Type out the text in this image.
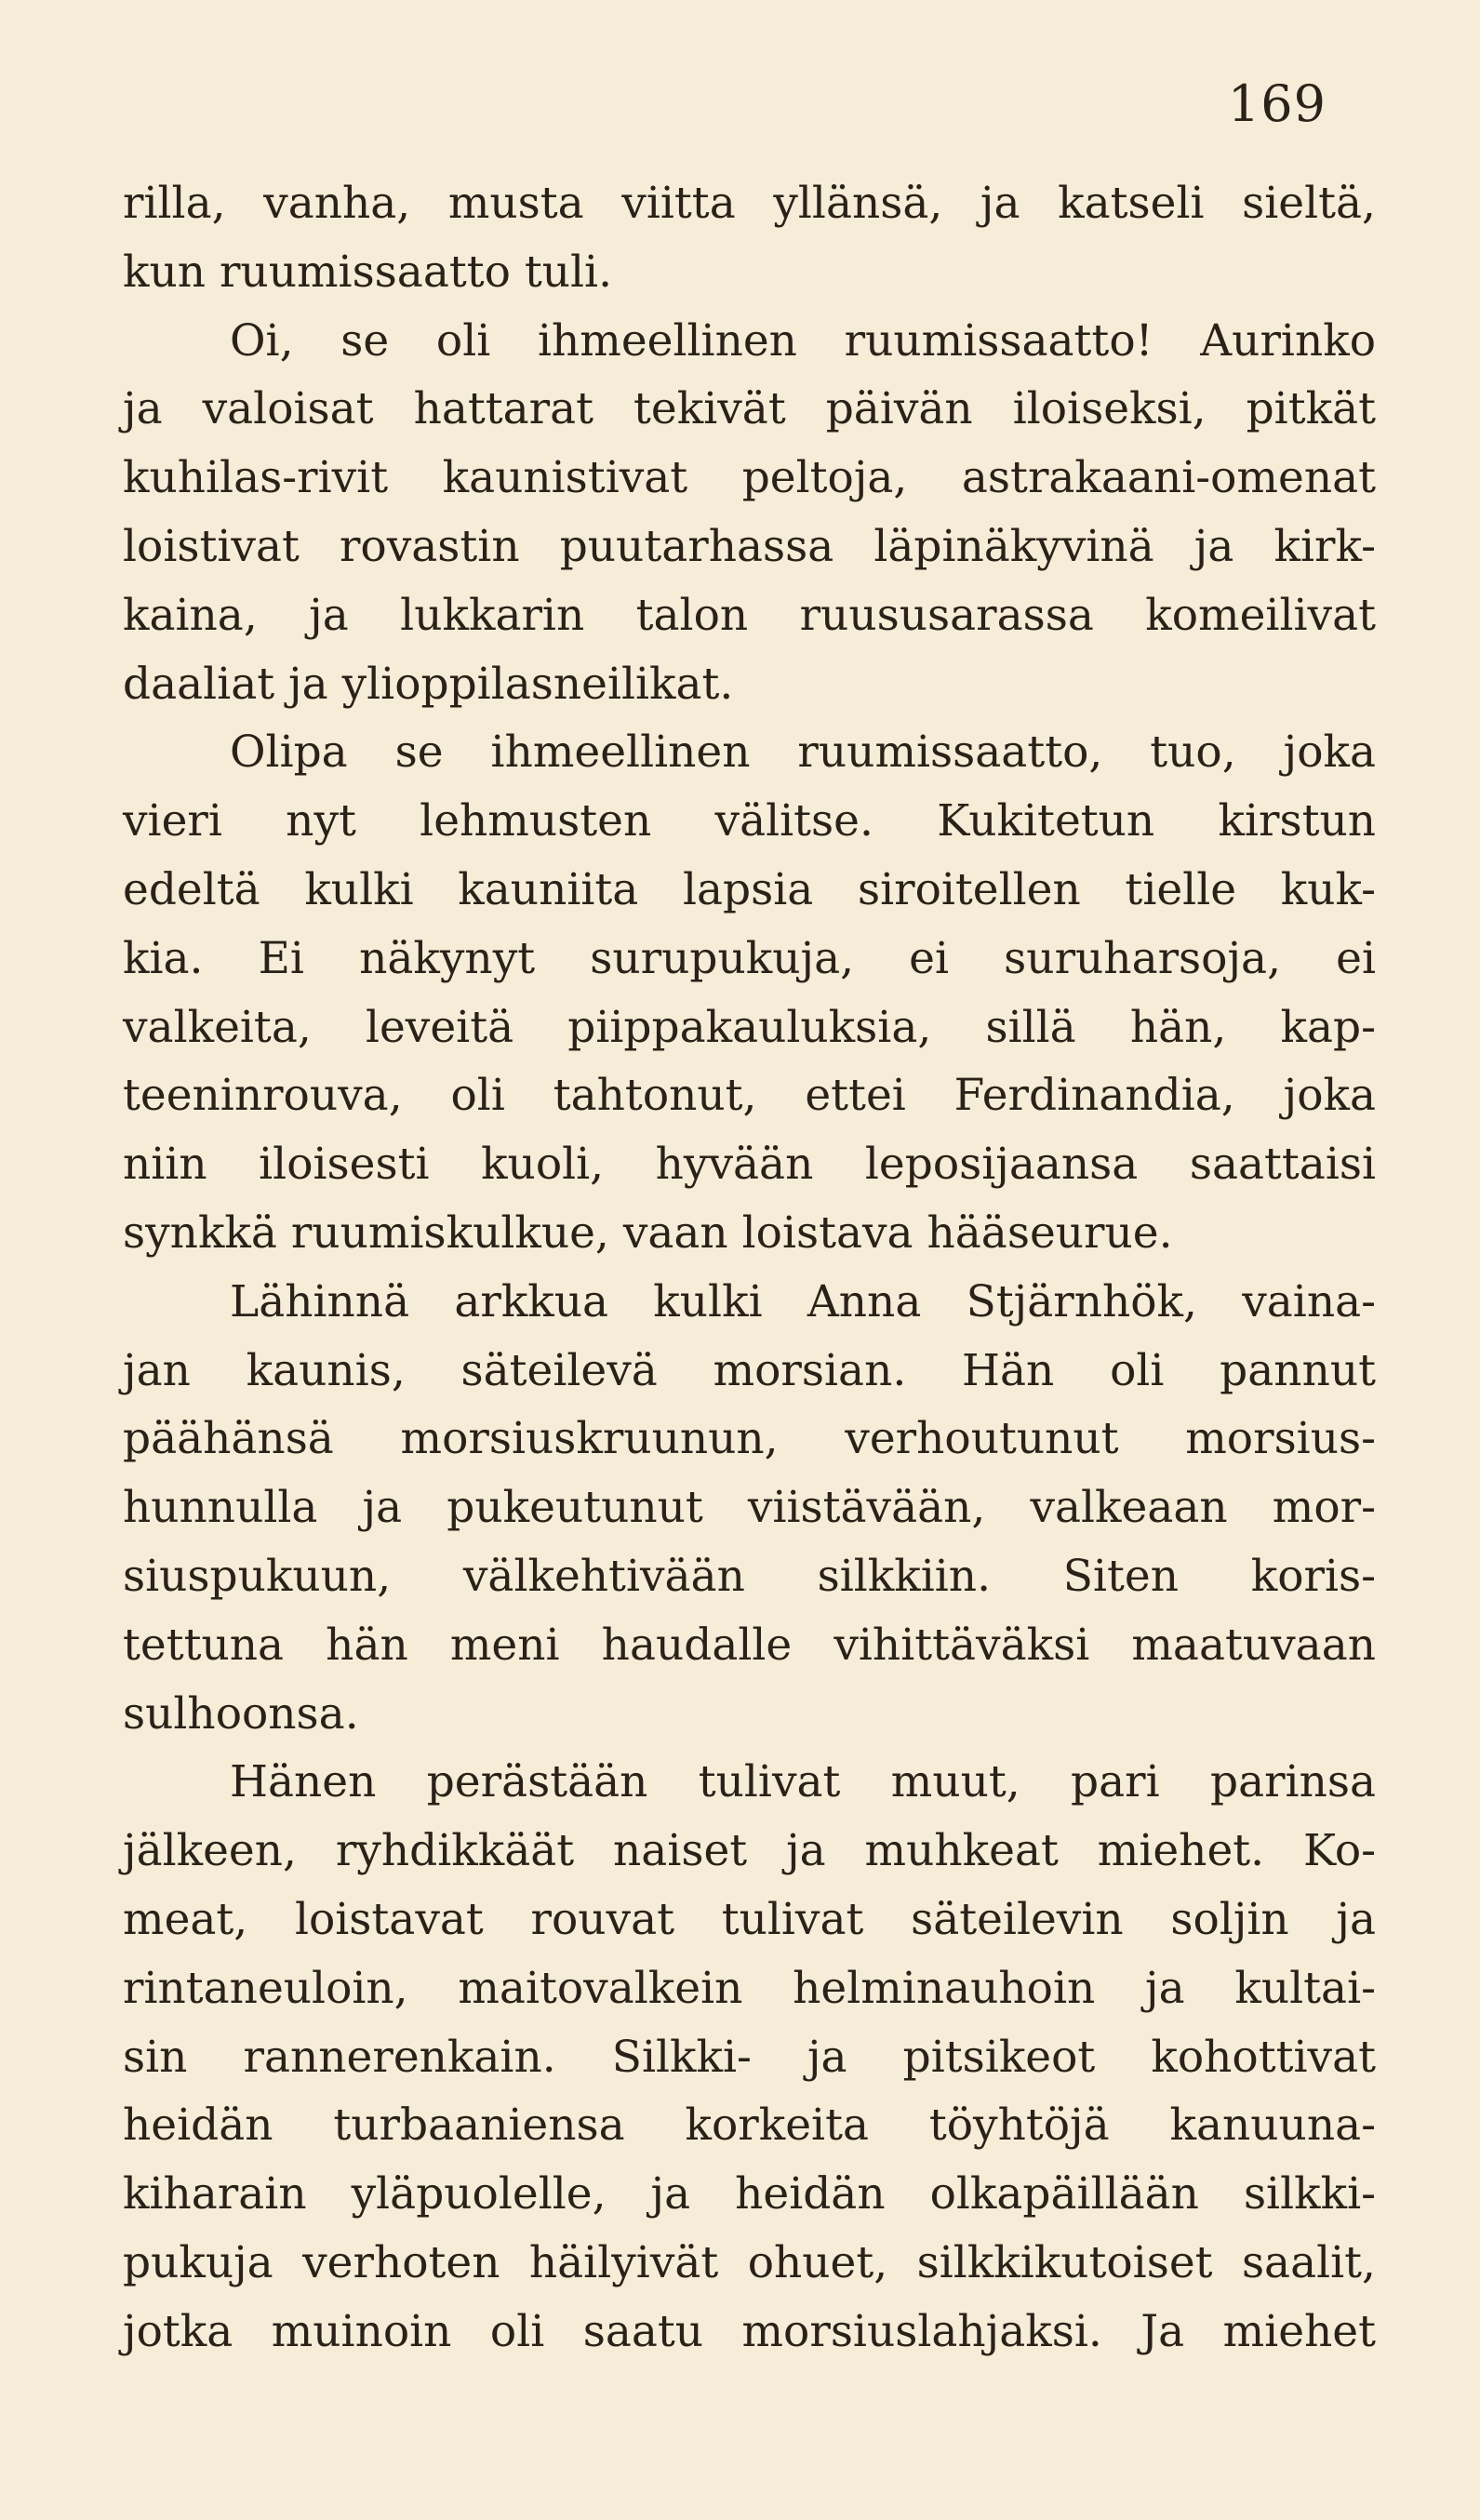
169
rilla, vanha, musta viitta yllänsä, ja katseli sieltä,
kun ruumissaatto tuli.
Oi, se oli ihmeellinen ruumissaatto! Aurinko
ja valoisat hattarat tekivät päivän iloiseksi, pitkät
kuhilas-rivit kaunistivat peltoja, astrakaani-omenat
loistivat rovastin puutarhassa läpinäkyvinä ja kirk-
kaina, ja lukkarin talon ruususarassa komeilivat
daaliat ja ylioppilasneilikat.
Olipa se ihmeellinen ruumissaatto, tuo, joka
vieri nyt lehmusten välitse. Kukitetun kirstun
edeltä kulki kauniita lapsia siroitellen tielle kuk-
kia. Ei näkynyt surupukuja, ei suruharsoja, ei
valkeita, leveitä piippakauluksia, sillä hän, kap-
teeninrouva, oli tahtonut, ettei Ferdinandia, joka
niin iloisesti kuoli, hyvään leposijaansa saattaisi
synkkä ruumiskulkue, vaan loistava hääseurue.
Lähinnä arkkua kulki Anna Stjärnhök, vaina-
jan kaunis, säteilevä morsian. Hän oli pannut
päähänsä morsiuskruunun, verhoutunut morsius-
hunnulla ja pukeutunut viistävään, valkeaan mor-
siuspukuun, välkehtivään silkkiin. Siten koris-
tettuna hän meni haudalle vihittäväksi maatuvaan
sulhoonsa.
Hänen perästään tulivat muut, pari parinsa
jälkeen, ryhdikkäät naiset ja muhkeat miehet. Ko-
meat, loistavat rouvat tulivat säteilevin soljin ja
rintaneuloin, maitovalkein helminauhoin ja kultai-
sin rannerenkain. Silkki- ja pitsikeot kohottivat
heidän turbaaniensa korkeita töyhtöjä kanuuna-
kiharain yläpuolelle, ja heidän olkapäillään silkki-
pukuja verhoten häilyivät ohuet, silkkikutoiset saalit,
jotka muinoin oli saatu morsiuslahjaksi. Ja miehet
